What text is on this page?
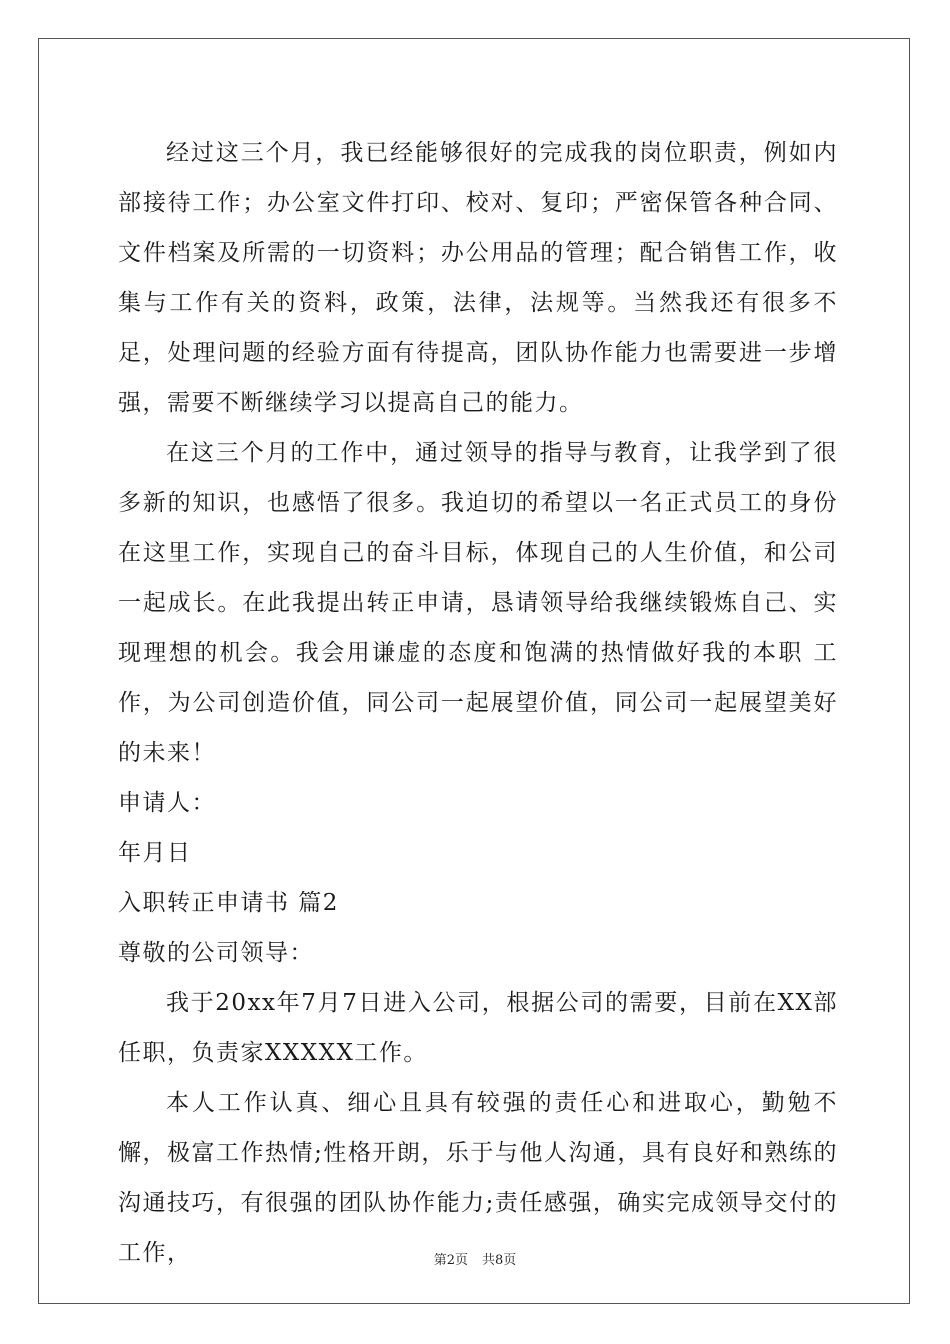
经过这三个月，我已经能够很好的完成我的岗位职责，例如内部接待工作；办公室文件打印、校对、复印；严密保管各种合同、文件档案及所需的一切资料；办公用品的管理；配合销售工作，收集与工作有关的资料，政策，法律，法规等。当然我还有很多不足，处理问题的经验方面有待提高，团队协作能力也需要进一步增强，需要不断继续学习以提高自己的能力。

在这三个月的工作中，通过领导的指导与教育，让我学到了很多新的知识，也感悟了很多。我迫切的希望以一名正式员工的身份在这里工作，实现自己的奋斗目标，体现自己的人生价值，和公司一起成长。在此我提出转正申请，恳请领导给我继续锻炼自己、实现理想的机会。我会用谦虚的态度和饱满的热情做好我的本职 工作，为公司创造价值，同公司一起展望价值，同公司一起展望美好的未来！

申请人：

年月日

入职转正申请书 篇2

尊敬的公司领导：

我于20xx年7月7日进入公司，根据公司的需要，目前在XX部任职，负责家XXXXX工作。

本人工作认真、细心且具有较强的责任心和进取心，勤勉不懈，极富工作热情;性格开朗，乐于与他人沟通，具有良好和熟练的沟通技巧，有很强的团队协作能力;责任感强，确实完成领导交付的工作，	第2页 共8页
